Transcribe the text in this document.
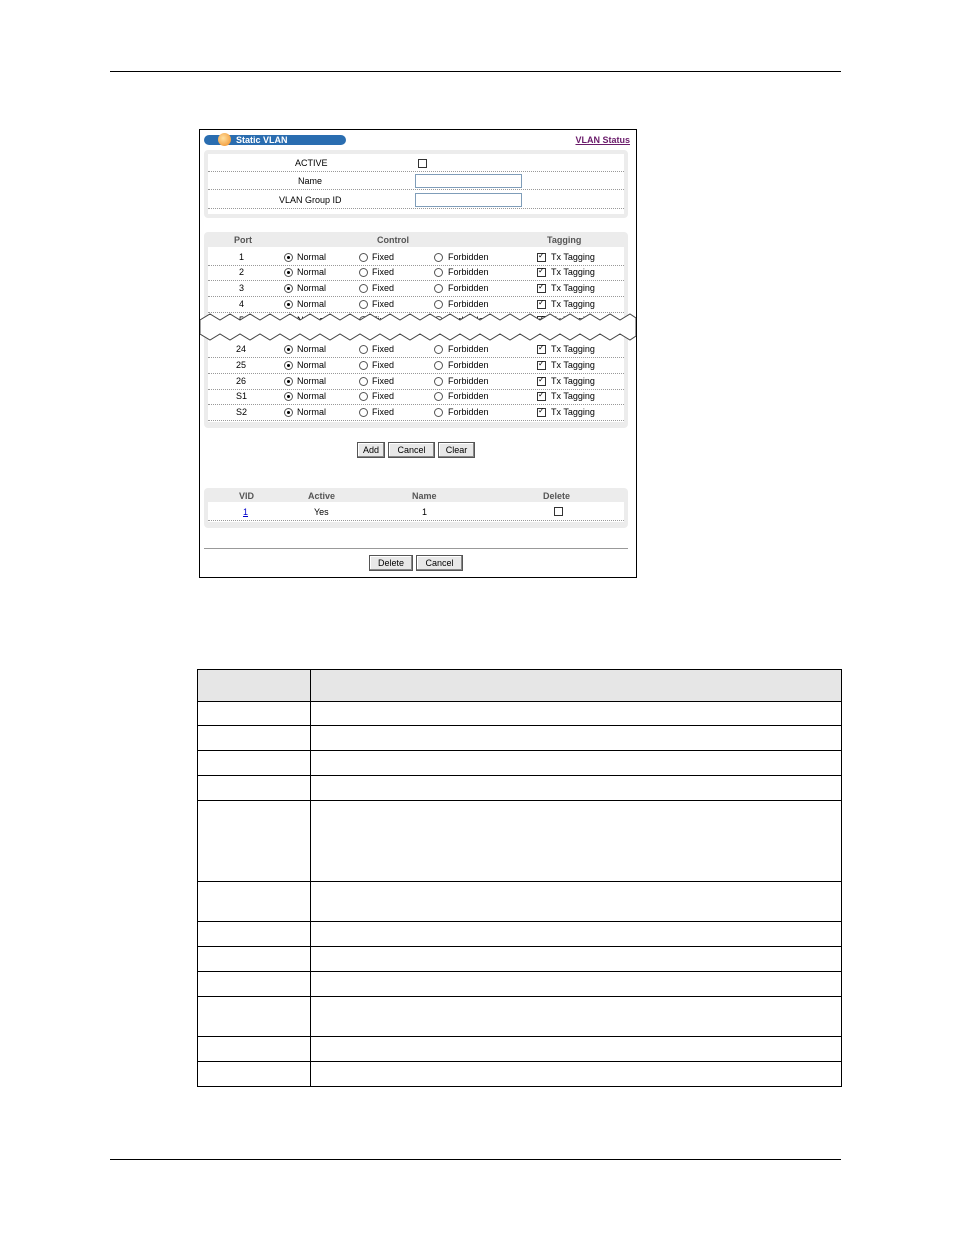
Static VLAN	VLAN Status
ACTIVE
Name
VLAN Group ID
Port	Control	Tagging
1	Normal	Fixed	Forbidden ✓	Tx Tagging
2	Normal	Fixed	Forbidden ✓	Tx Tagging
3	Normal	Fixed	Forbidden ✓	Tx Tagging
4	Normal	Fixed	Forbidden ✓	Tx Tagging
✓
24	Normal	Fixed	Forbidden ✓	Tx Tagging
25	Normal	Fixed	Forbidden ✓	Tx Tagging
26	Normal	Fixed	Forbidden ✓	Tx Tagging
S1	Normal	Fixed	Forbidden ✓	Tx Tagging
S2	Normal	Fixed	Forbidden ✓	Tx Tagging
Add	Cancel	Clear
VID	Active	Name	Delete
1	Yes	1
Delete	Cancel
